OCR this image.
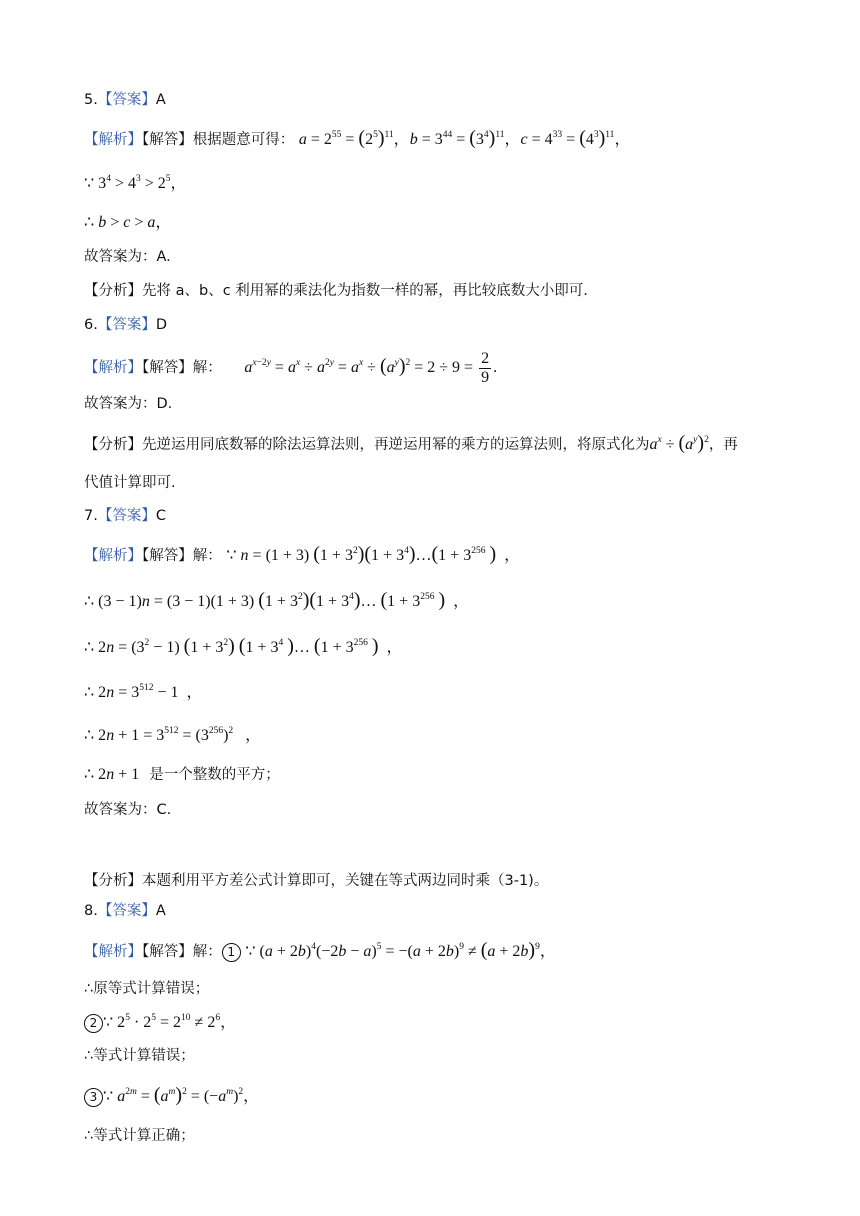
5.【答案】A
【解析】【解答】根据题意可得： $a = 2^{55} = (2^5)^{11}$，$b = 3^{44} = (3^4)^{11}$，$c = 4^{33} = (4^3)^{11}$，
∵ $3^4 > 4^3 > 2^5$，
∴ b > c > a，
故答案为：A.
【分析】先将 a、b、c 利用幂的乘法化为指数一样的幂，再比较底数大小即可.
6.【答案】D
【解析】【解答】解： $a^{x-2y} = a^x \div a^{2y} = a^x \div (a^y)^2 = 2 \div 9 = \frac{2}{9}$ .
故答案为：D.
【分析】先逆运用同底数幂的除法运算法则，再逆运用幂的乘方的运算法则，将原式化为$a^x \div (a^y)^2$，再
代值计算即可.
7.【答案】C
【解析】【解答】解： ∵ n = (1 + 3) $(1 + 3^2)(1$ + $3^4)\dots(1 + 3^{256}$ )  ，
∴ (3 − 1)n = (3 − 1)(1 + 3) $(1 + 3^2)(1$ + $3^4)\dots$ ($1 + 3^{256}$ )  ，
∴ $2n = (3^2 - 1) (1 + 3^2) (1 + 3^4$ )… ($1 + 3^{256}$ )  ，
∴ $2n = 3^{512} - 1$  ，
∴ $2n + 1 = 3^{512} = (3^{256})^2$   ，
∴ 2n + 1 是一个整数的平方；
故答案为：C.
【分析】本题利用平方差公式计算即可，关键在等式两边同时乘（3-1)。
8.【答案】A
【解析】【解答】解： 1 ∵ $(a + 2b)^4(-2b - a)^5 = -(a + 2b)^9 \ne (a + 2b)^9$，
∴原等式计算错误；
2 ∵ $2^5 \cdot 2^5 = 2^{10} \ne 2^6$，
∴等式计算错误；
3 ∵ $a^{2m} = (a^m)^2 = (-a^m)^2$，
∴等式计算正确；
